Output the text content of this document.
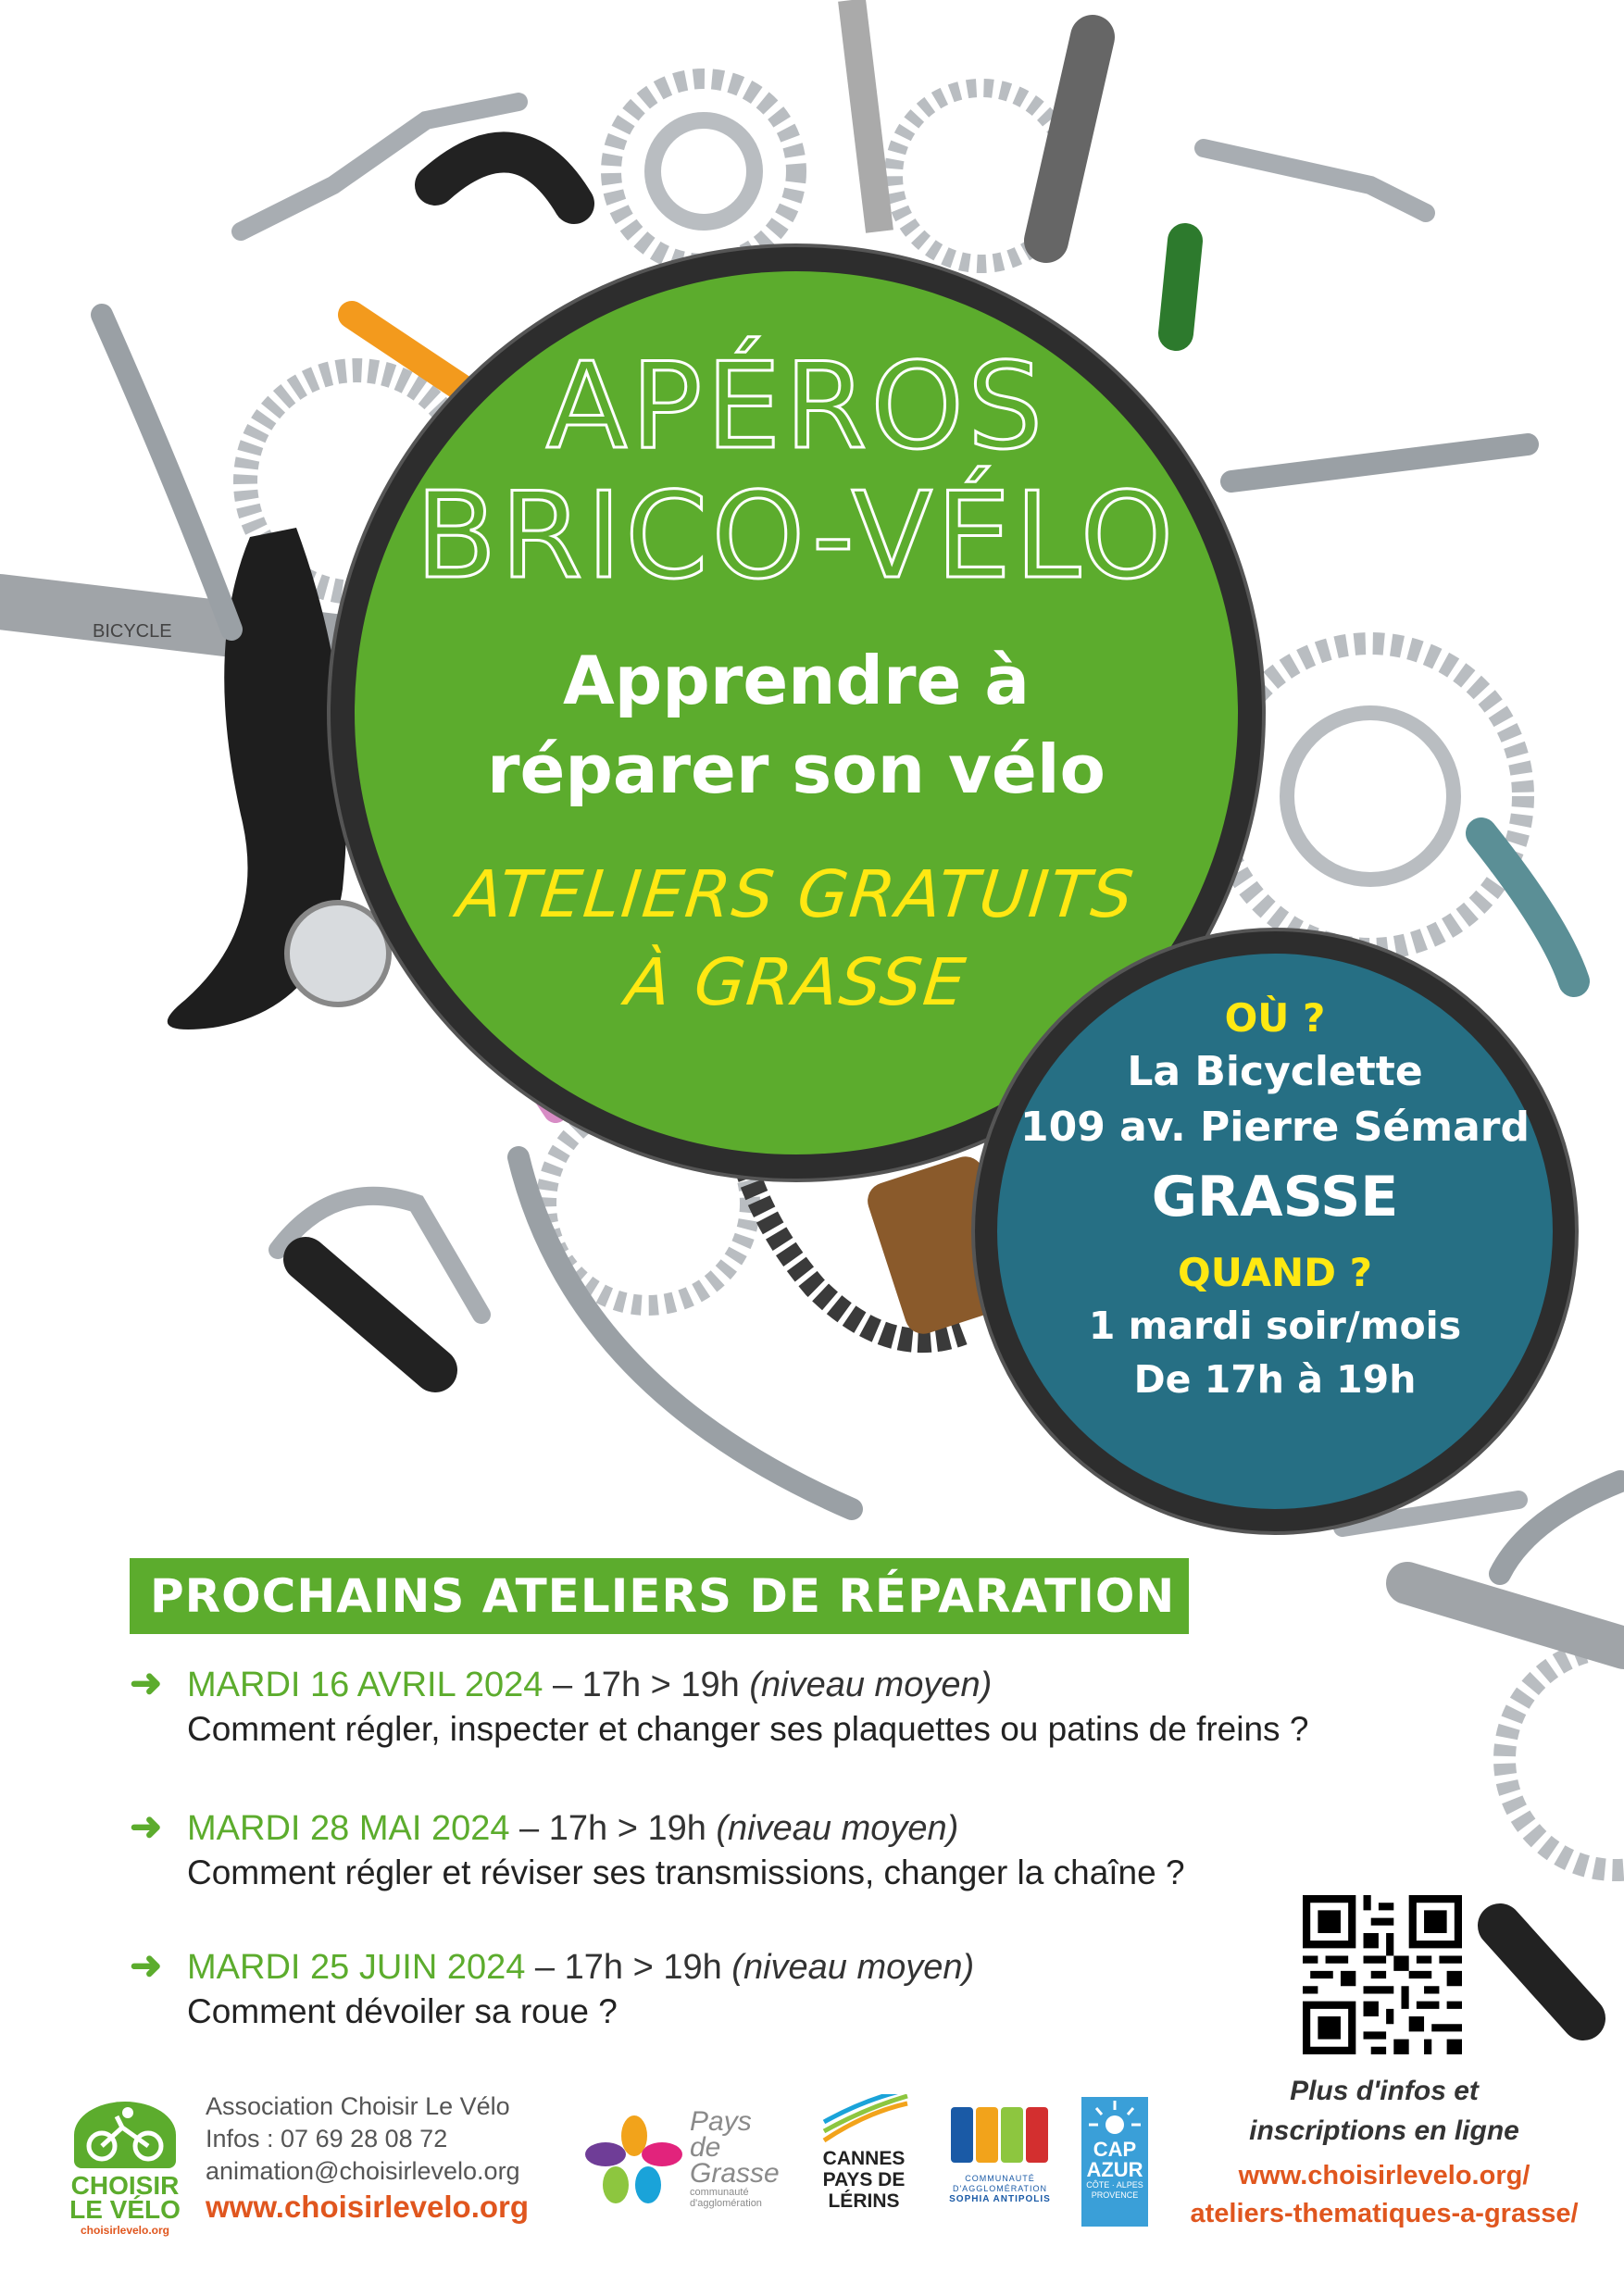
BICYCLE
APÉROS
BRICO-VÉLO
Apprendre à
réparer son vélo
ATELIERS GRATUITS
À GRASSE	OÙ ?
La Bicyclette
109 av. Pierre Sémard
GRASSE
QUAND ?
1 mardi soir/mois
De 17h à 19h
PROCHAINS ATELIERS DE RÉPARATION
➜ MARDI 16 AVRIL 2024 – 17h > 19h (niveau moyen)
Comment régler, inspecter et changer ses plaquettes ou patins de freins ?
➜ MARDI 28 MAI 2024 – 17h > 19h (niveau moyen)
Comment régler et réviser ses transmissions, changer la chaîne ?
➜ MARDI 25 JUIN 2024 – 17h > 19h (niveau moyen)
Comment dévoiler sa roue ?
Plus d'infos et
inscriptions en ligne
www.choisirlevelo.org/
ateliers-thematiques-a-grasse/
CHOISIR
LE VÉLO
choisirlevelo.org
Association Choisir Le Vélo
Infos : 07 69 28 08 72
animation@choisirlevelo.org
www.choisirlevelo.org
Pays
de
Grasse
communauté
d'agglomération
CANNES
PAYS DE
LÉRINS
COMMUNAUTÉ
D'AGGLOMÉRATION
SOPHIA ANTIPOLIS
CAP
AZUR
CÔTE · ALPES
PROVENCE
